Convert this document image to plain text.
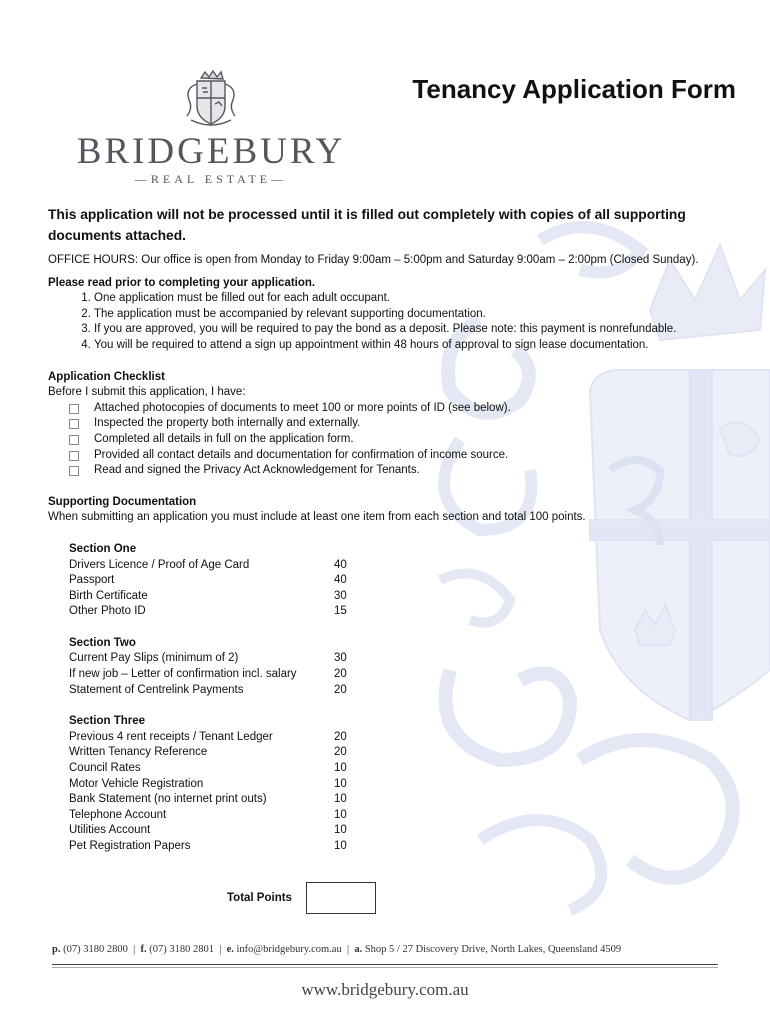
BRIDGEBURY
—REAL ESTATE—
Tenancy Application Form

This application will not be processed until it is filled out completely with copies of all supporting documents attached.

OFFICE HOURS: Our office is open from Monday to Friday 9:00am – 5:00pm and Saturday 9:00am – 2:00pm (Closed Sunday).

Please read prior to completing your application.
1. One application must be filled out for each adult occupant.
2. The application must be accompanied by relevant supporting documentation.
3. If you are approved, you will be required to pay the bond as a deposit. Please note: this payment is nonrefundable.
4. You will be required to attend a sign up appointment within 48 hours of approval to sign lease documentation.
Application Checklist
Before I submit this application, I have:
Attached photocopies of documents to meet 100 or more points of ID (see below).
Inspected the property both internally and externally.
Completed all details in full on the application form.
Provided all contact details and documentation for confirmation of income source.
Read and signed the Privacy Act Acknowledgement for Tenants.
Supporting Documentation
When submitting an application you must include at least one item from each section and total 100 points.
Section One
Drivers Licence / Proof of Age Card	40
Passport	40
Birth Certificate	30
Other Photo ID	15
Section Two
Current Pay Slips (minimum of 2)	30
If new job – Letter of confirmation incl. salary	20
Statement of Centrelink Payments	20
Section Three
Previous 4 rent receipts / Tenant Ledger	20
Written Tenancy Reference	20
Council Rates	10
Motor Vehicle Registration	10
Bank Statement (no internet print outs)	10
Telephone Account	10
Utilities Account	10
Pet Registration Papers	10
Total Points
p. (07) 3180 2800  |  f. (07) 3180 2801  |  e. info@bridgebury.com.au  |  a. Shop 5 / 27 Discovery Drive, North Lakes, Queensland 4509
www.bridgebury.com.au
